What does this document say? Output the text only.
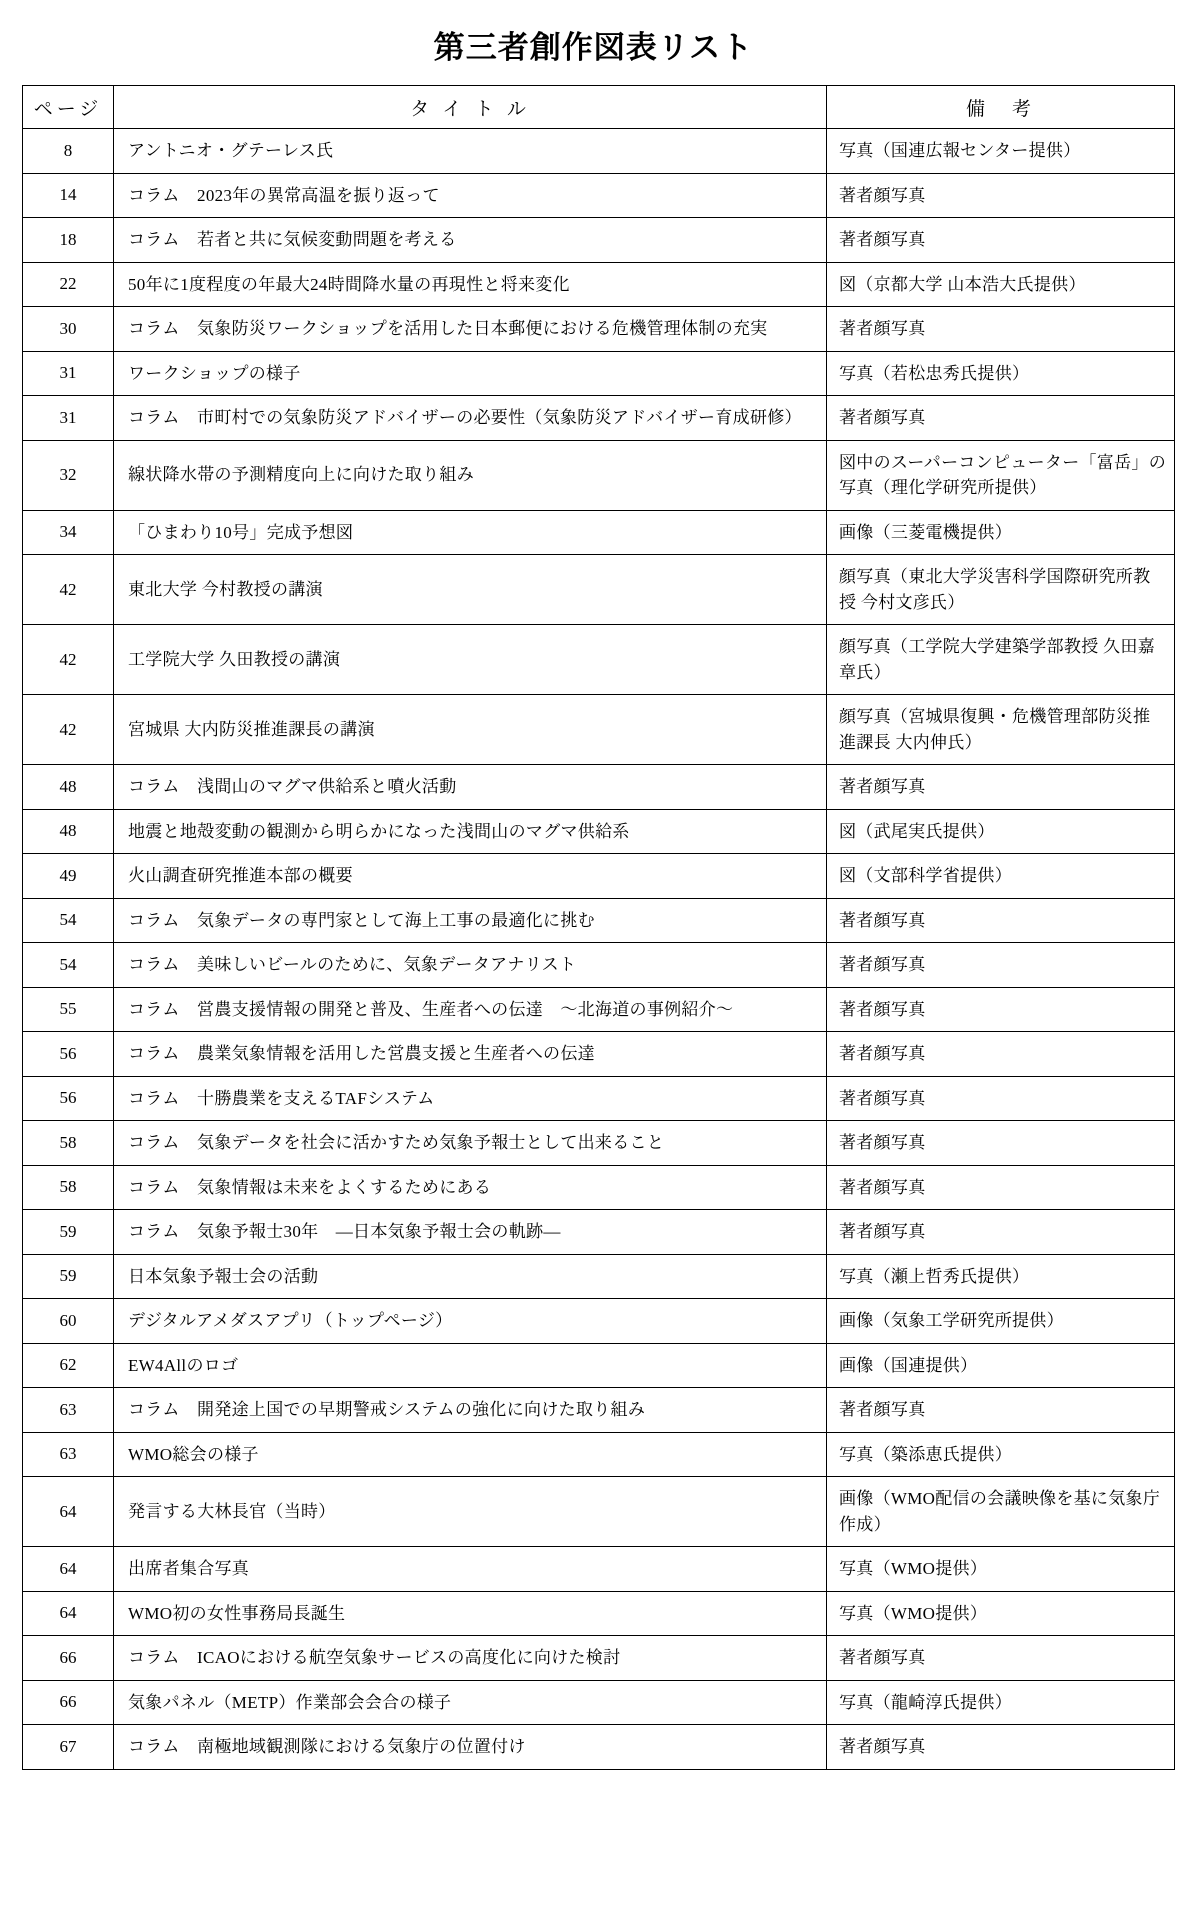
第三者創作図表リスト
ページ	タ イ ト ル	備　考
8	アントニオ・グテーレス氏	写真（国連広報センター提供）
14	コラム　2023年の異常高温を振り返って	著者顔写真
18	コラム　若者と共に気候変動問題を考える	著者顔写真
22	50年に1度程度の年最大24時間降水量の再現性と将来変化	図（京都大学 山本浩大氏提供）
30	コラム　気象防災ワークショップを活用した日本郵便における危機管理体制の充実	著者顔写真
31	ワークショップの様子	写真（若松忠秀氏提供）
31	コラム　市町村での気象防災アドバイザーの必要性（気象防災アドバイザー育成研修）	著者顔写真
32	線状降水帯の予測精度向上に向けた取り組み	図中のスーパーコンピューター「富岳」の写真（理化学研究所提供）
34	「ひまわり10号」完成予想図	画像（三菱電機提供）
42	東北大学 今村教授の講演	顔写真（東北大学災害科学国際研究所教授 今村文彦氏）
42	工学院大学 久田教授の講演	顔写真（工学院大学建築学部教授 久田嘉章氏）
42	宮城県 大内防災推進課長の講演	顔写真（宮城県復興・危機管理部防災推進課長 大内伸氏）
48	コラム　浅間山のマグマ供給系と噴火活動	著者顔写真
48	地震と地殻変動の観測から明らかになった浅間山のマグマ供給系	図（武尾実氏提供）
49	火山調査研究推進本部の概要	図（文部科学省提供）
54	コラム　気象データの専門家として海上工事の最適化に挑む	著者顔写真
54	コラム　美味しいビールのために、気象データアナリスト	著者顔写真
55	コラム　営農支援情報の開発と普及、生産者への伝達　～北海道の事例紹介～	著者顔写真
56	コラム　農業気象情報を活用した営農支援と生産者への伝達	著者顔写真
56	コラム　十勝農業を支えるTAFシステム	著者顔写真
58	コラム　気象データを社会に活かすため気象予報士として出来ること	著者顔写真
58	コラム　気象情報は未来をよくするためにある	著者顔写真
59	コラム　気象予報士30年　―日本気象予報士会の軌跡―	著者顔写真
59	日本気象予報士会の活動	写真（瀬上哲秀氏提供）
60	デジタルアメダスアプリ（トップページ）	画像（気象工学研究所提供）
62	EW4Allのロゴ	画像（国連提供）
63	コラム　開発途上国での早期警戒システムの強化に向けた取り組み	著者顔写真
63	WMO総会の様子	写真（築添恵氏提供）
64	発言する大林長官（当時）	画像（WMO配信の会議映像を基に気象庁作成）
64	出席者集合写真	写真（WMO提供）
64	WMO初の女性事務局長誕生	写真（WMO提供）
66	コラム　ICAOにおける航空気象サービスの高度化に向けた検討	著者顔写真
66	気象パネル（METP）作業部会会合の様子	写真（龍崎淳氏提供）
67	コラム　南極地域観測隊における気象庁の位置付け	著者顔写真
